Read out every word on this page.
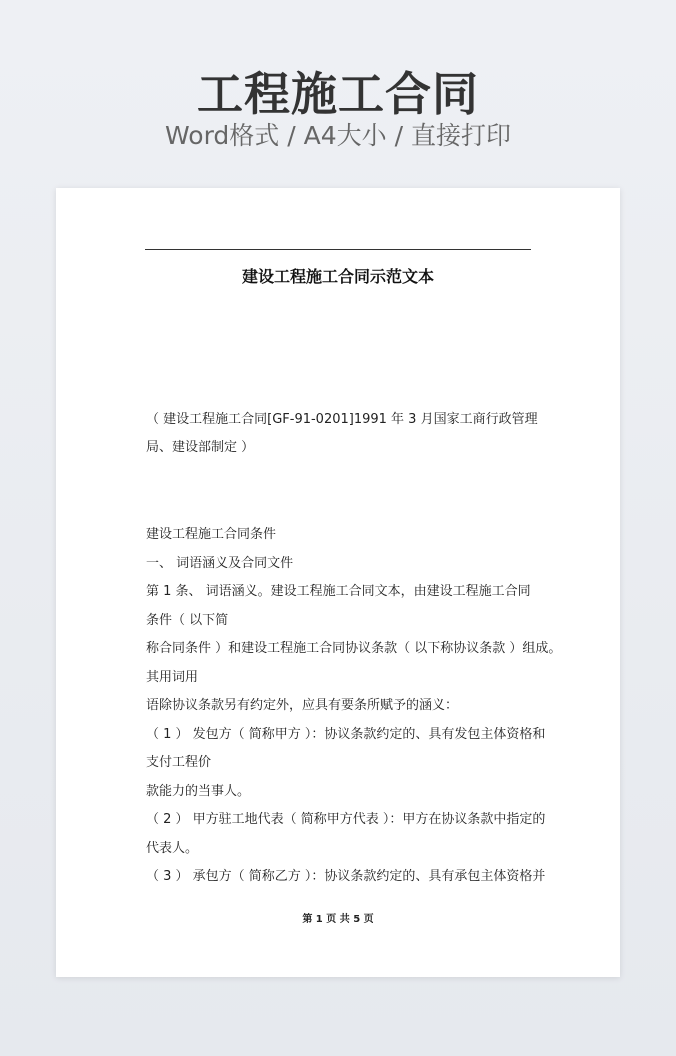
工程施工合同
Word格式 / A4大小 / 直接打印
建设工程施工合同示范文本
（ 建设工程施工合同[GF-91-0201]1991 年 3 月国家工商行政管理局、建设部制定 ）
建设工程施工合同条件
一、 词语涵义及合同文件
第 1 条、 词语涵义。建设工程施工合同文本，由建设工程施工合同
条件（ 以下简
称合同条件 ）和建设工程施工合同协议条款（ 以下称协议条款 ）组成。
其用词用
语除协议条款另有约定外，应具有要条所赋予的涵义：
（ 1 ） 发包方（ 简称甲方 ）：协议条款约定的、具有发包主体资格和
支付工程价
款能力的当事人。
（ 2 ） 甲方驻工地代表（ 简称甲方代表 ）：甲方在协议条款中指定的
代表人。
（ 3 ） 承包方（ 简称乙方 ）：协议条款约定的、具有承包主体资格并
第 1 页 共 5 页
